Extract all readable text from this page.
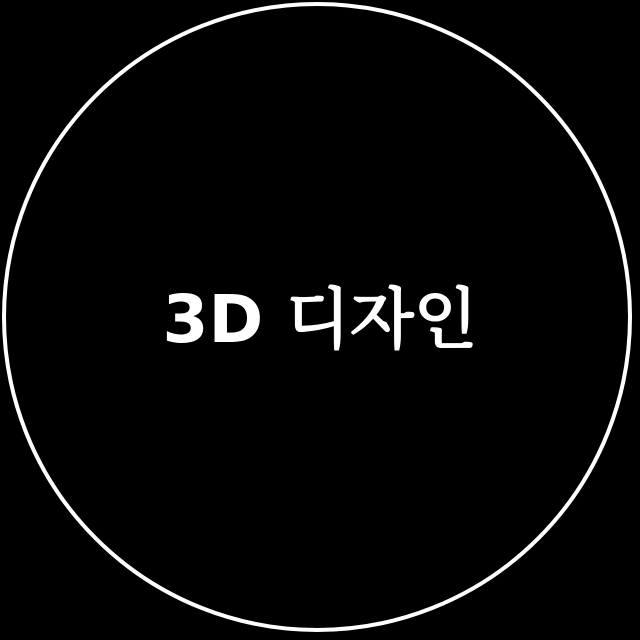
3D 디자인
